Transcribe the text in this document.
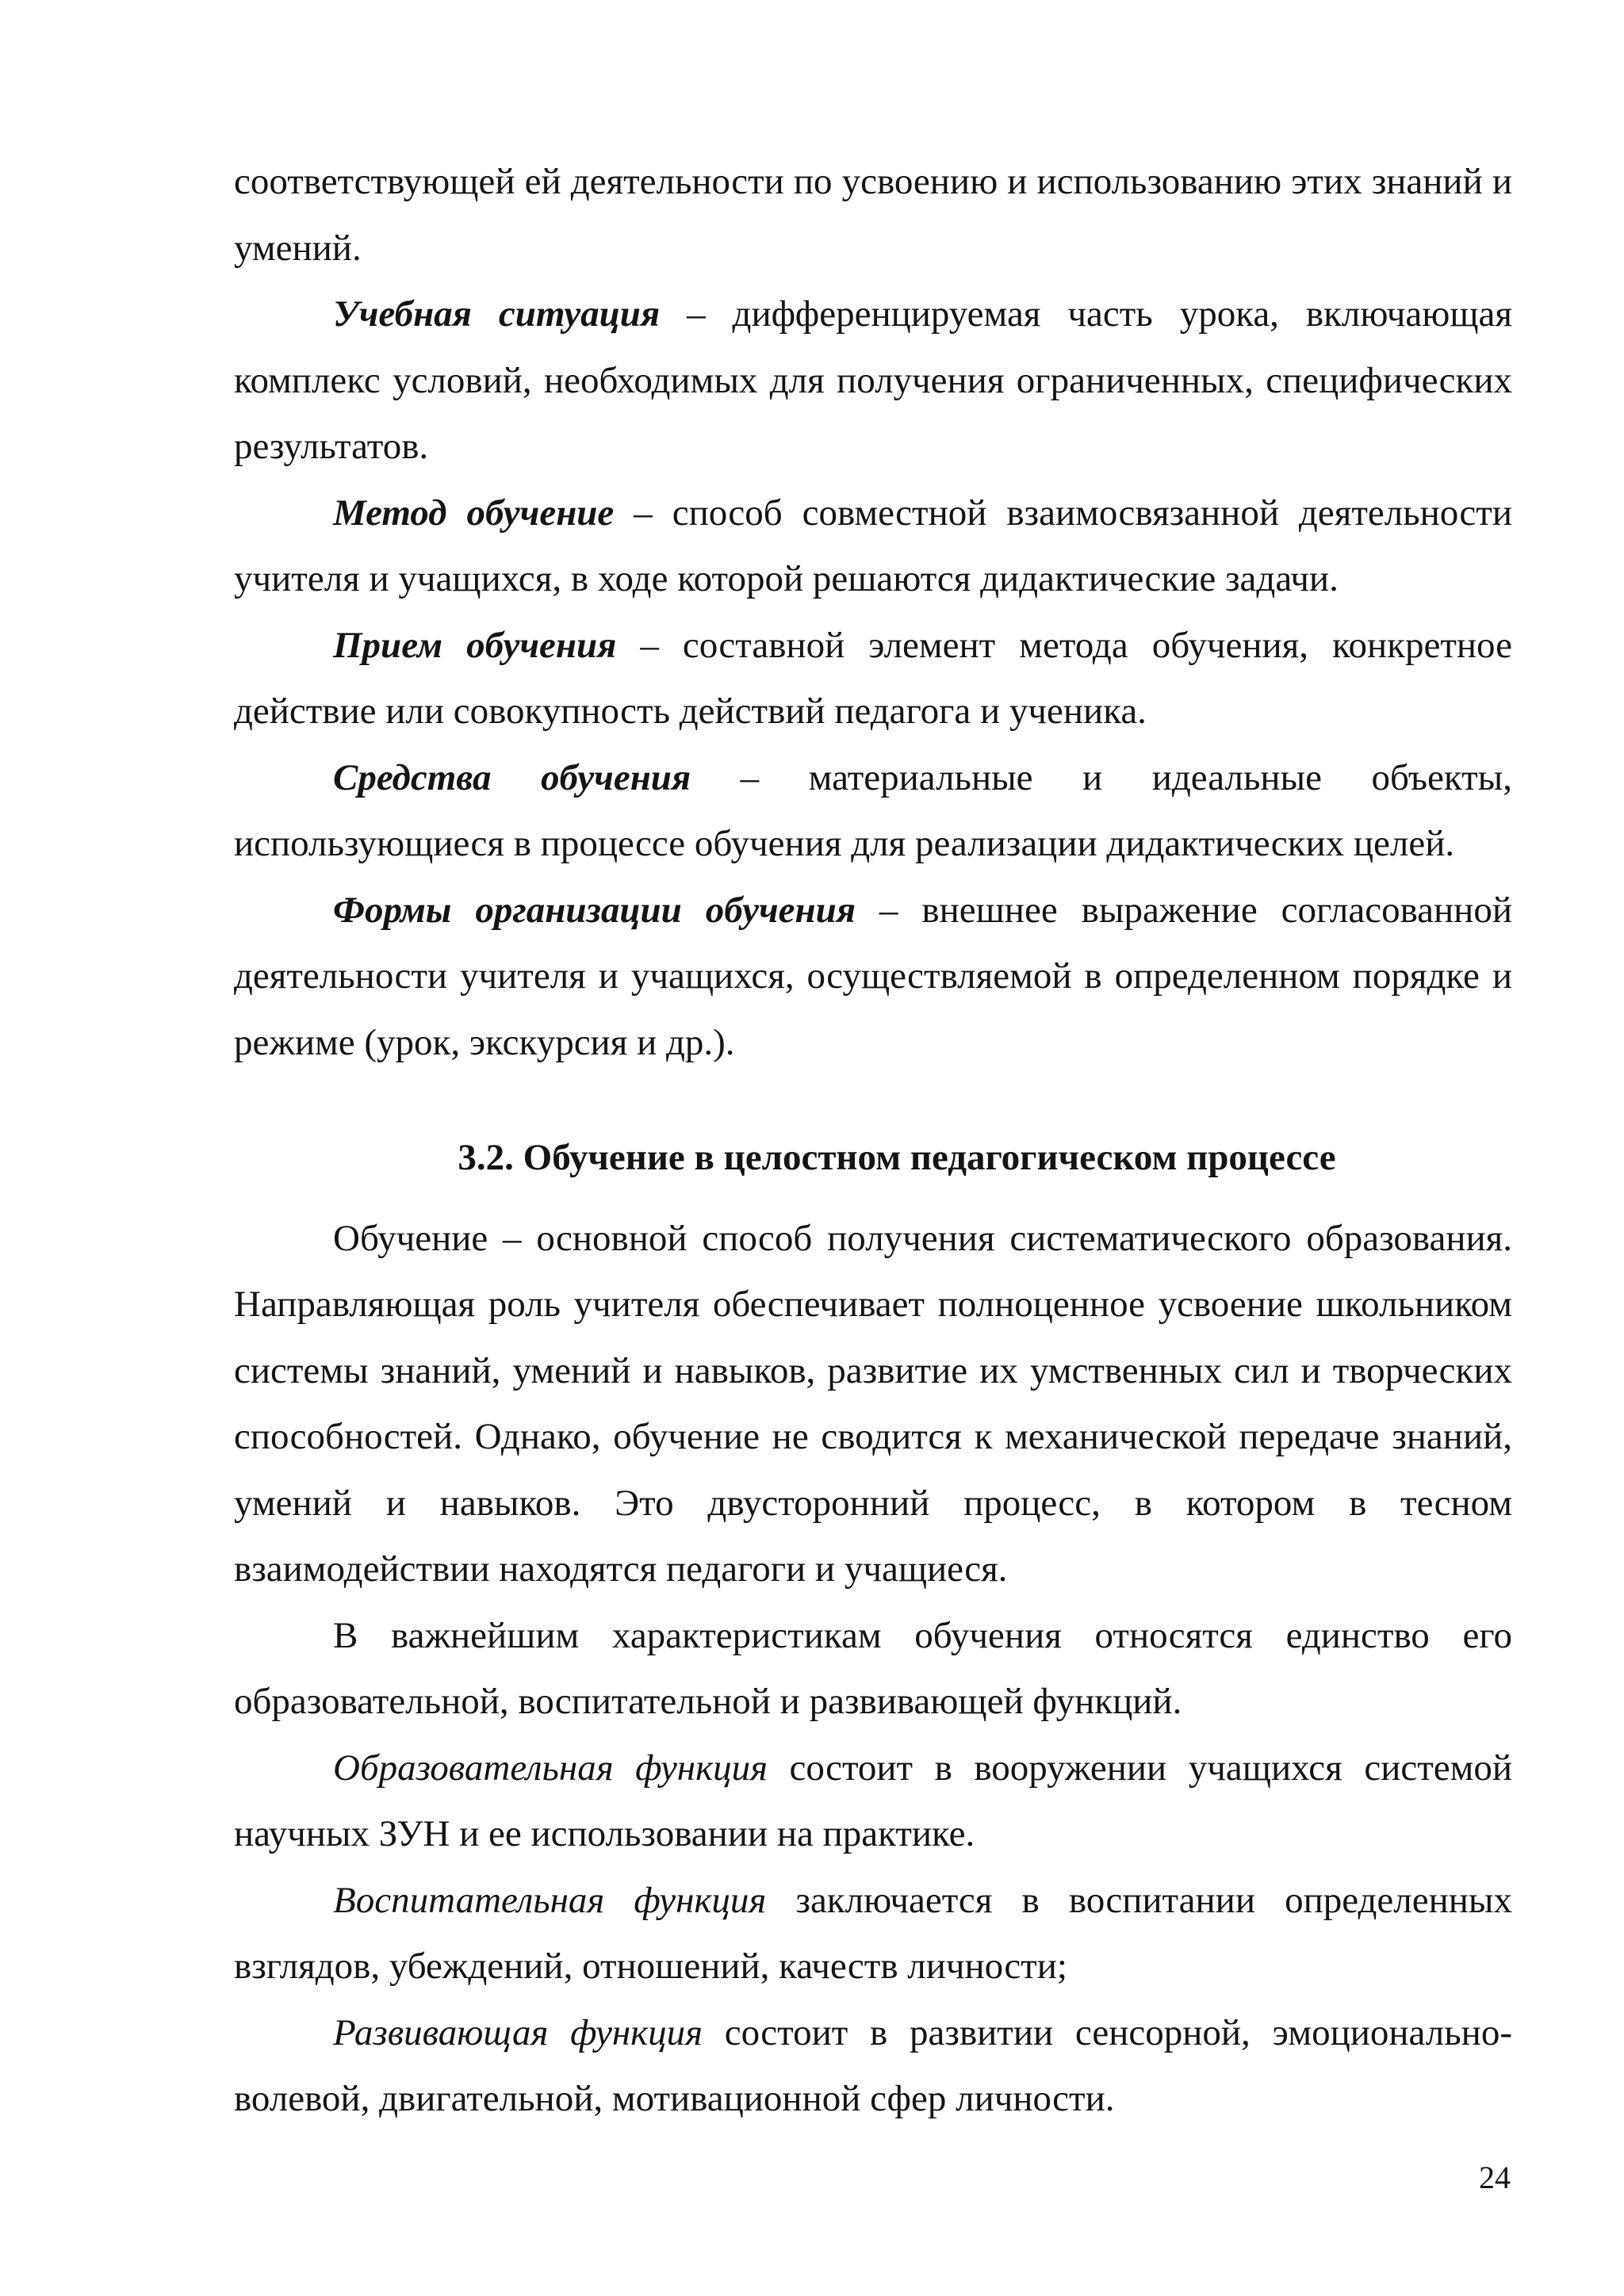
соответствующей ей деятельности по усвоению и использованию этих знаний и умений.

Учебная ситуация – дифференцируемая часть урока, включающая комплекс условий, необходимых для получения ограниченных, специфических результатов.

Метод обучение – способ совместной взаимосвязанной деятельности учителя и учащихся, в ходе которой решаются дидактические задачи.

Прием обучения – составной элемент метода обучения, конкретное действие или совокупность действий педагога и ученика.

Средства обучения – материальные и идеальные объекты, использующиеся в процессе обучения для реализации дидактических целей.

Формы организации обучения – внешнее выражение согласованной деятельности учителя и учащихся, осуществляемой в определенном порядке и режиме (урок, экскурсия и др.).

3.2. Обучение в целостном педагогическом процессе

Обучение – основной способ получения систематического образования. Направляющая роль учителя обеспечивает полноценное усвоение школьником системы знаний, умений и навыков, развитие их умственных сил и творческих способностей. Однако, обучение не сводится к механической передаче знаний, умений и навыков. Это двусторонний процесс, в котором в тесном взаимодействии находятся педагоги и учащиеся.

В важнейшим характеристикам обучения относятся единство его образовательной, воспитательной и развивающей функций.

Образовательная функция состоит в вооружении учащихся системой научных ЗУН и ее использовании на практике.

Воспитательная функция заключается в воспитании определенных взглядов, убеждений, отношений, качеств личности;

Развивающая функция состоит в развитии сенсорной, эмоционально-волевой, двигательной, мотивационной сфер личности.

24
